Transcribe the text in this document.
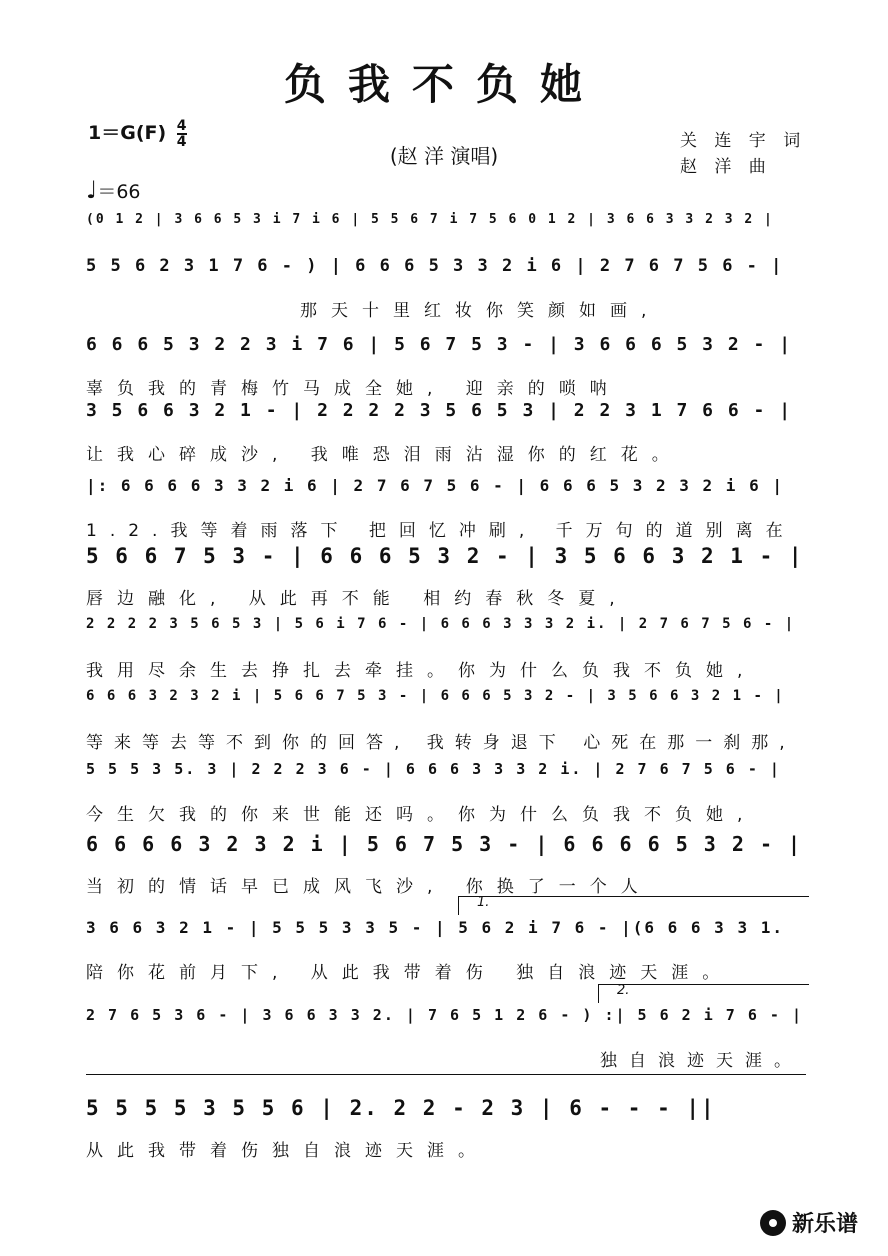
负我不负她
$1=G(F) \frac{4}{4}$
(赵 洋 演唱)
关 连 宇 词
赵 洋 曲
♩＝66
(0 1 2 | 3 6 6 5 3 i 7 i 6 | 5 5 6 7 i 7 5 6 0 1 2 | 3 6 6 3 3 2 3 2 |
5 5 6 2 3 1 7 6 - ) | 6 6 6 5 3 3 2 i 6 | 2 7 6 7 5 6 - |
那天十里红妆你笑颜如画,
6 6 6 5 3 2 2 3 i 7 6 | 5 6 7 5 3 - | 3 6 6 6 5 3 2 - |
辜负我的青梅竹马成全她, 迎亲的唢呐
3 5 6 6 3 2 1 - | 2 2 2 2 3 5 6 5 3 | 2 2 3 1 7 6 6 - |
让我心碎成沙, 我唯恐泪雨沾湿你的红花。
|: 6 6 6 6 3 3 2 i 6 | 2 7 6 7 5 6 - | 6 6 6 5 3 2 3 2 i 6 |
1.2.我等着雨落下 把回忆冲刷, 千万句的道别离在
5 6 6 7 5 3 - | 6 6 6 5 3 2 - | 3 5 6 6 3 2 1 - |
唇边融化, 从此再不能 相约春秋冬夏,
2 2 2 2 3 5 6 5 3 | 5 6 i 7 6 - | 6 6 6 3 3 3 2 i. | 2 7 6 7 5 6 - |
我用尽余生去挣扎去牵挂。你为什么负我不负她,
6 6 6 3 2 3 2 i | 5 6 6 7 5 3 - | 6 6 6 5 3 2 - | 3 5 6 6 3 2 1 - |
等来等去等不到你的回答, 我转身退下 心死在那一刹那,
5 5 5 3 5. 3 | 2 2 2 3 6 - | 6 6 6 3 3 3 2 i. | 2 7 6 7 5 6 - |
今生欠我的你来世能还吗。你为什么负我不负她,
6 6 6 6 3 2 3 2 i | 5 6 7 5 3 - | 6 6 6 6 5 3 2 - |
当初的情话早已成风飞沙, 你换了一个人
1.
3 6 6 3 2 1 - | 5 5 5 3 3 5 - | 5 6 2 i 7 6 - |(6 6 6 3 3 1.
陪你花前月下, 从此我带着伤 独自浪迹天涯。
2.
2 7 6 5 3 6 - | 3 6 6 3 3 2. | 7 6 5 1 2 6 - ) :| 5 6 2 i 7 6 - |
独自浪迹天涯。
5 5 5 5 3 5 5 6 | 2. 2 2 - 2 3 | 6 - - - ||
从此我带着伤独自浪迹天涯。
新乐谱
